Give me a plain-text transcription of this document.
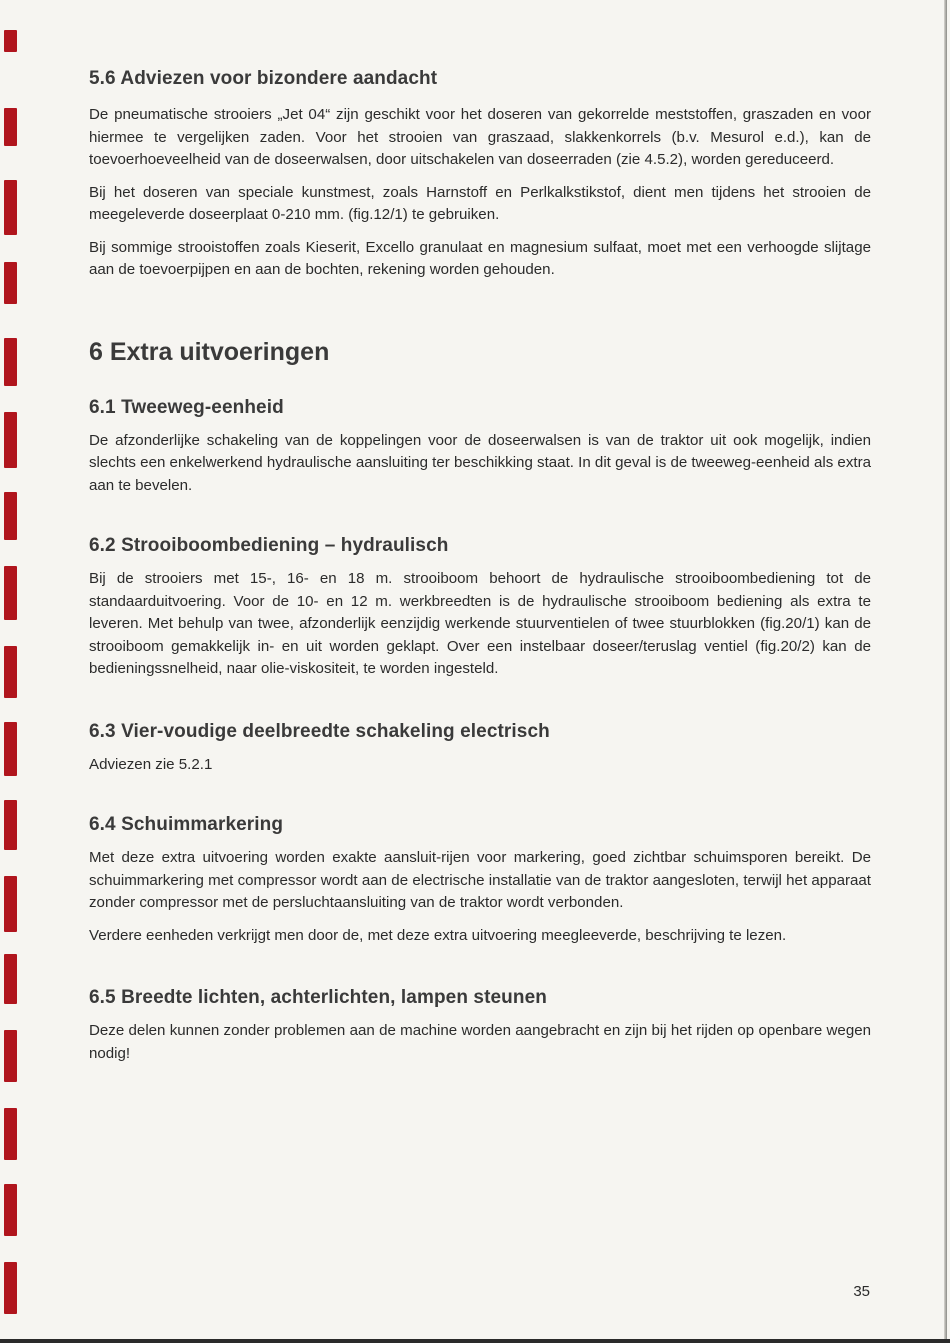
5.6 Adviezen voor bizondere aandacht

De pneumatische strooiers „Jet 04“ zijn geschikt voor het doseren van gekorrelde meststoffen, graszaden en voor hiermee te vergelijken zaden. Voor het strooien van graszaad, slakkenkorrels (b.v. Mesurol e.d.), kan de toevoerhoeveelheid van de doseerwalsen, door uitschakelen van doseerraden (zie 4.5.2), worden gereduceerd.

Bij het doseren van speciale kunstmest, zoals Harnstoff en Perlkalkstikstof, dient men tijdens het strooien de meegeleverde doseerplaat 0-210 mm. (fig.12/1) te gebruiken.

Bij sommige strooistoffen zoals Kieserit, Excello granulaat en magnesium sulfaat, moet met een verhoogde slijtage aan de toevoerpijpen en aan de bochten, rekening worden gehouden.

6 Extra uitvoeringen
6.1 Tweeweg-eenheid

De afzonderlijke schakeling van de koppelingen voor de doseerwalsen is van de traktor uit ook mogelijk, indien slechts een enkelwerkend hydraulische aansluiting ter beschikking staat. In dit geval is de tweeweg-eenheid als extra aan te bevelen.

6.2 Strooiboombediening – hydraulisch

Bij de strooiers met 15-, 16- en 18 m. strooiboom behoort de hydraulische strooiboombediening tot de standaarduitvoering. Voor de 10- en 12 m. werkbreedten is de hydraulische strooiboom bediening als extra te leveren. Met behulp van twee, afzonderlijk eenzijdig werkende stuurventielen of twee stuurblokken (fig.20/1) kan de strooiboom gemakkelijk in- en uit worden geklapt. Over een instelbaar doseer/teruslag ventiel (fig.20/2) kan de bedieningssnelheid, naar olie-viskositeit, te worden ingesteld.

6.3 Vier-voudige deelbreedte schakeling electrisch

Adviezen zie 5.2.1

6.4 Schuimmarkering

Met deze extra uitvoering worden exakte aansluit-rijen voor markering, goed zichtbar schuimsporen bereikt. De schuimmarkering met compressor wordt aan de electrische installatie van de traktor aangesloten, terwijl het apparaat zonder compressor met de persluchtaansluiting van de traktor wordt verbonden.

Verdere eenheden verkrijgt men door de, met deze extra uitvoering meegleeverde, beschrijving te lezen.

6.5 Breedte lichten, achterlichten, lampen steunen

Deze delen kunnen zonder problemen aan de machine worden aangebracht en zijn bij het rijden op openbare wegen nodig!

35
